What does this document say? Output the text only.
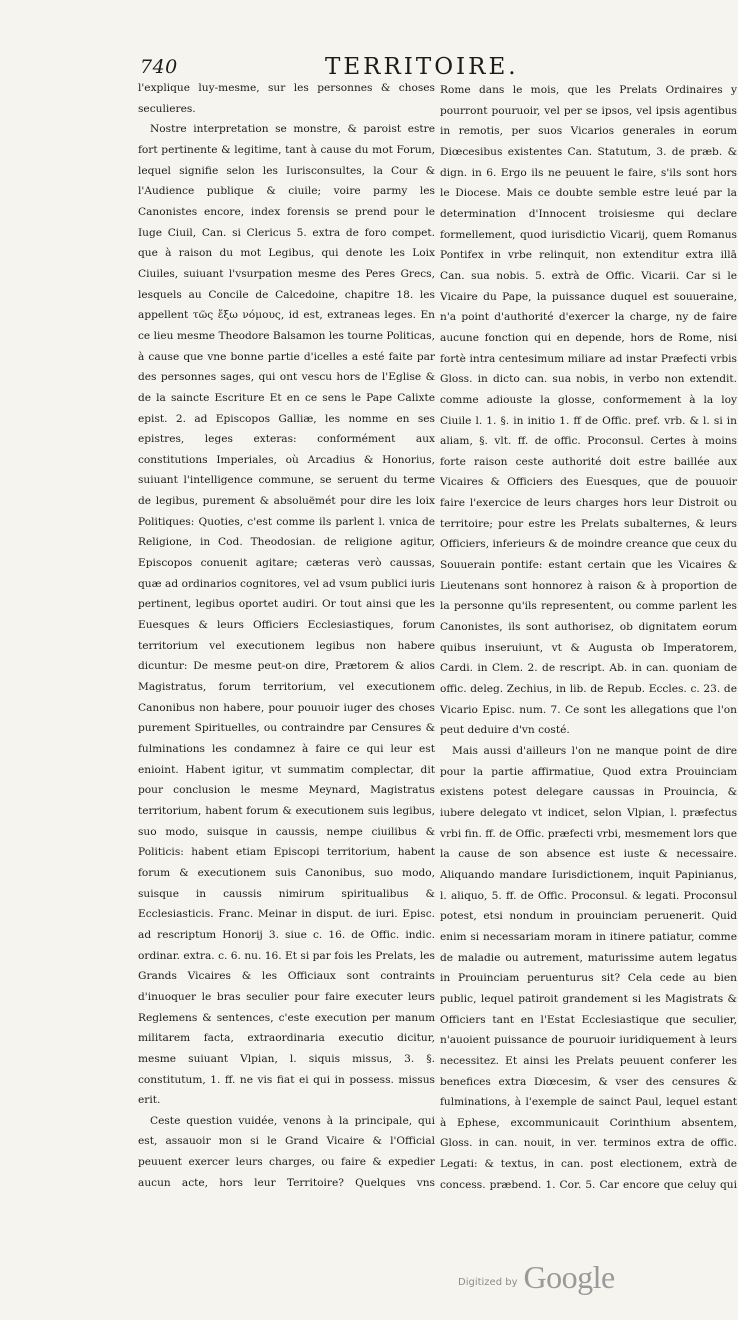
740	TERRITOIRE.

l'explique luy-mesme, sur les personnes & choses seculieres.

Nostre interpretation se monstre, & paroist estre fort pertinente & legitime, tant à cause du mot Forum, lequel signifie selon les Iurisconsultes, la Cour & l'Audience publique & ciuile; voire parmy les Canonistes encore, index forensis se prend pour le Iuge Ciuil, Can. si Clericus 5. extra de foro compet. que à raison du mot Legibus, qui denote les Loix Ciuiles, suiuant l'vsurpation mesme des Peres Grecs, lesquels au Concile de Calcedoine, chapitre 18. les appellent τῶς ἔξω νόμους, id est, extraneas leges. En ce lieu mesme Theodore Balsamon les tourne Politicas, à cause que vne bonne partie d'icelles a esté faite par des personnes sages, qui ont vescu hors de l'Eglise & de la saincte Escriture Et en ce sens le Pape Calixte epist. 2. ad Episcopos Galliæ, les nomme en ses epistres, leges exteras: conformément aux constitutions Imperiales, où Arcadius & Honorius, suiuant l'intelligence commune, se seruent du terme de legibus, purement & absoluëmét pour dire les loix Politiques: Quoties, c'est comme ils parlent l. vnica de Religione, in Cod. Theodosian. de religione agitur, Episcopos conuenit agitare; cæteras verò caussas, quæ ad ordinarios cognitores, vel ad vsum publici iuris pertinent, legibus oportet audiri. Or tout ainsi que les Euesques & leurs Officiers Ecclesiastiques, forum territorium vel executionem legibus non habere dicuntur: De mesme peut-on dire, Prætorem & alios Magistratus, forum territorium, vel executionem Canonibus non habere, pour pouuoir iuger des choses purement Spirituelles, ou contraindre par Censures & fulminations les condamnez à faire ce qui leur est enioint. Habent igitur, vt summatim complectar, dit pour conclusion le mesme Meynard, Magistratus territorium, habent forum & executionem suis legibus, suo modo, suisque in caussis, nempe ciuilibus & Politicis: habent etiam Episcopi territorium, habent forum & executionem suis Canonibus, suo modo, suisque in caussis nimirum spiritualibus & Ecclesiasticis. Franc. Meinar in disput. de iuri. Episc. ad rescriptum Honorij 3. siue c. 16. de Offic. indic. ordinar. extra. c. 6. nu. 16. Et si par fois les Prelats, les Grands Vicaires & les Officiaux sont contraints d'inuoquer le bras seculier pour faire executer leurs Reglemens & sentences, c'este execution per manum militarem facta, extraordinaria executio dicitur, mesme suiuant Vlpian, l. siquis missus, 3. §. constitutum, 1. ff. ne vis fiat ei qui in possess. missus erit.

Ceste question vuidée, venons à la principale, qui est, assauoir mon si le Grand Vicaire & l'Official peuuent exercer leurs charges, ou faire & expedier aucun acte, hors leur Territoire? Quelques vns

Rome dans le mois, que les Prelats Ordinaires y pourront pouruoir, vel per se ipsos, vel ipsis agentibus in remotis, per suos Vicarios generales in eorum Diœcesibus existentes Can. Statutum, 3. de præb. & dign. in 6. Ergo ils ne peuuent le faire, s'ils sont hors le Diocese. Mais ce doubte semble estre leué par la determination d'Innocent troisiesme qui declare formellement, quod iurisdictio Vicarij, quem Romanus Pontifex in vrbe relinquit, non extenditur extra illā Can. sua nobis. 5. extrà de Offic. Vicarii. Car si le Vicaire du Pape, la puissance duquel est souueraine, n'a point d'authorité d'exercer la charge, ny de faire aucune fonction qui en depende, hors de Rome, nisi fortè intra centesimum miliare ad instar Præfecti vrbis Gloss. in dicto can. sua nobis, in verbo non extendit. comme adiouste la glosse, conformement à la loy Ciuile l. 1. §. in initio 1. ff de Offic. pref. vrb. & l. si in aliam, §. vlt. ff. de offic. Proconsul. Certes à moins forte raison ceste authorité doit estre baillée aux Vicaires & Officiers des Euesques, que de pouuoir faire l'exercice de leurs charges hors leur Distroit ou territoire; pour estre les Prelats subalternes, & leurs Officiers, inferieurs & de moindre creance que ceux du Souuerain pontife: estant certain que les Vicaires & Lieutenans sont honnorez à raison & à proportion de la personne qu'ils representent, ou comme parlent les Canonistes, ils sont authorisez, ob dignitatem eorum quibus inseruiunt, vt & Augusta ob Imperatorem, Cardi. in Clem. 2. de rescript. Ab. in can. quoniam de offic. deleg. Zechius, in lib. de Repub. Eccles. c. 23. de Vicario Episc. num. 7. Ce sont les allegations que l'on peut deduire d'vn costé.

Mais aussi d'ailleurs l'on ne manque point de dire pour la partie affirmatiue, Quod extra Prouinciam existens potest delegare caussas in Prouincia, & iubere delegato vt indicet, selon Vlpian, l. præfectus vrbi fin. ff. de Offic. præfecti vrbi, mesmement lors que la cause de son absence est iuste & necessaire. Aliquando mandare Iurisdictionem, inquit Papinianus, l. aliquo, 5. ff. de Offic. Proconsul. & legati. Proconsul potest, etsi nondum in prouinciam peruenerit. Quid enim si necessariam moram in itinere patiatur, comme de maladie ou autrement, maturissime autem legatus in Prouinciam peruenturus sit? Cela cede au bien public, lequel patiroit grandement si les Magistrats & Officiers tant en l'Estat Ecclesiastique que seculier, n'auoient puissance de pouruoir iuridiquement à leurs necessitez. Et ainsi les Prelats peuuent conferer les benefices extra Diœcesim, & vser des censures & fulminations, à l'exemple de sainct Paul, lequel estant à Ephese, excommunicauit Corinthium absentem, Gloss. in can. nouit, in ver. terminos extra de offic. Legati: & textus, in can. post electionem, extrà de concess. præbend. 1. Cor. 5. Car encore que celuy qui

Digitized by Google
